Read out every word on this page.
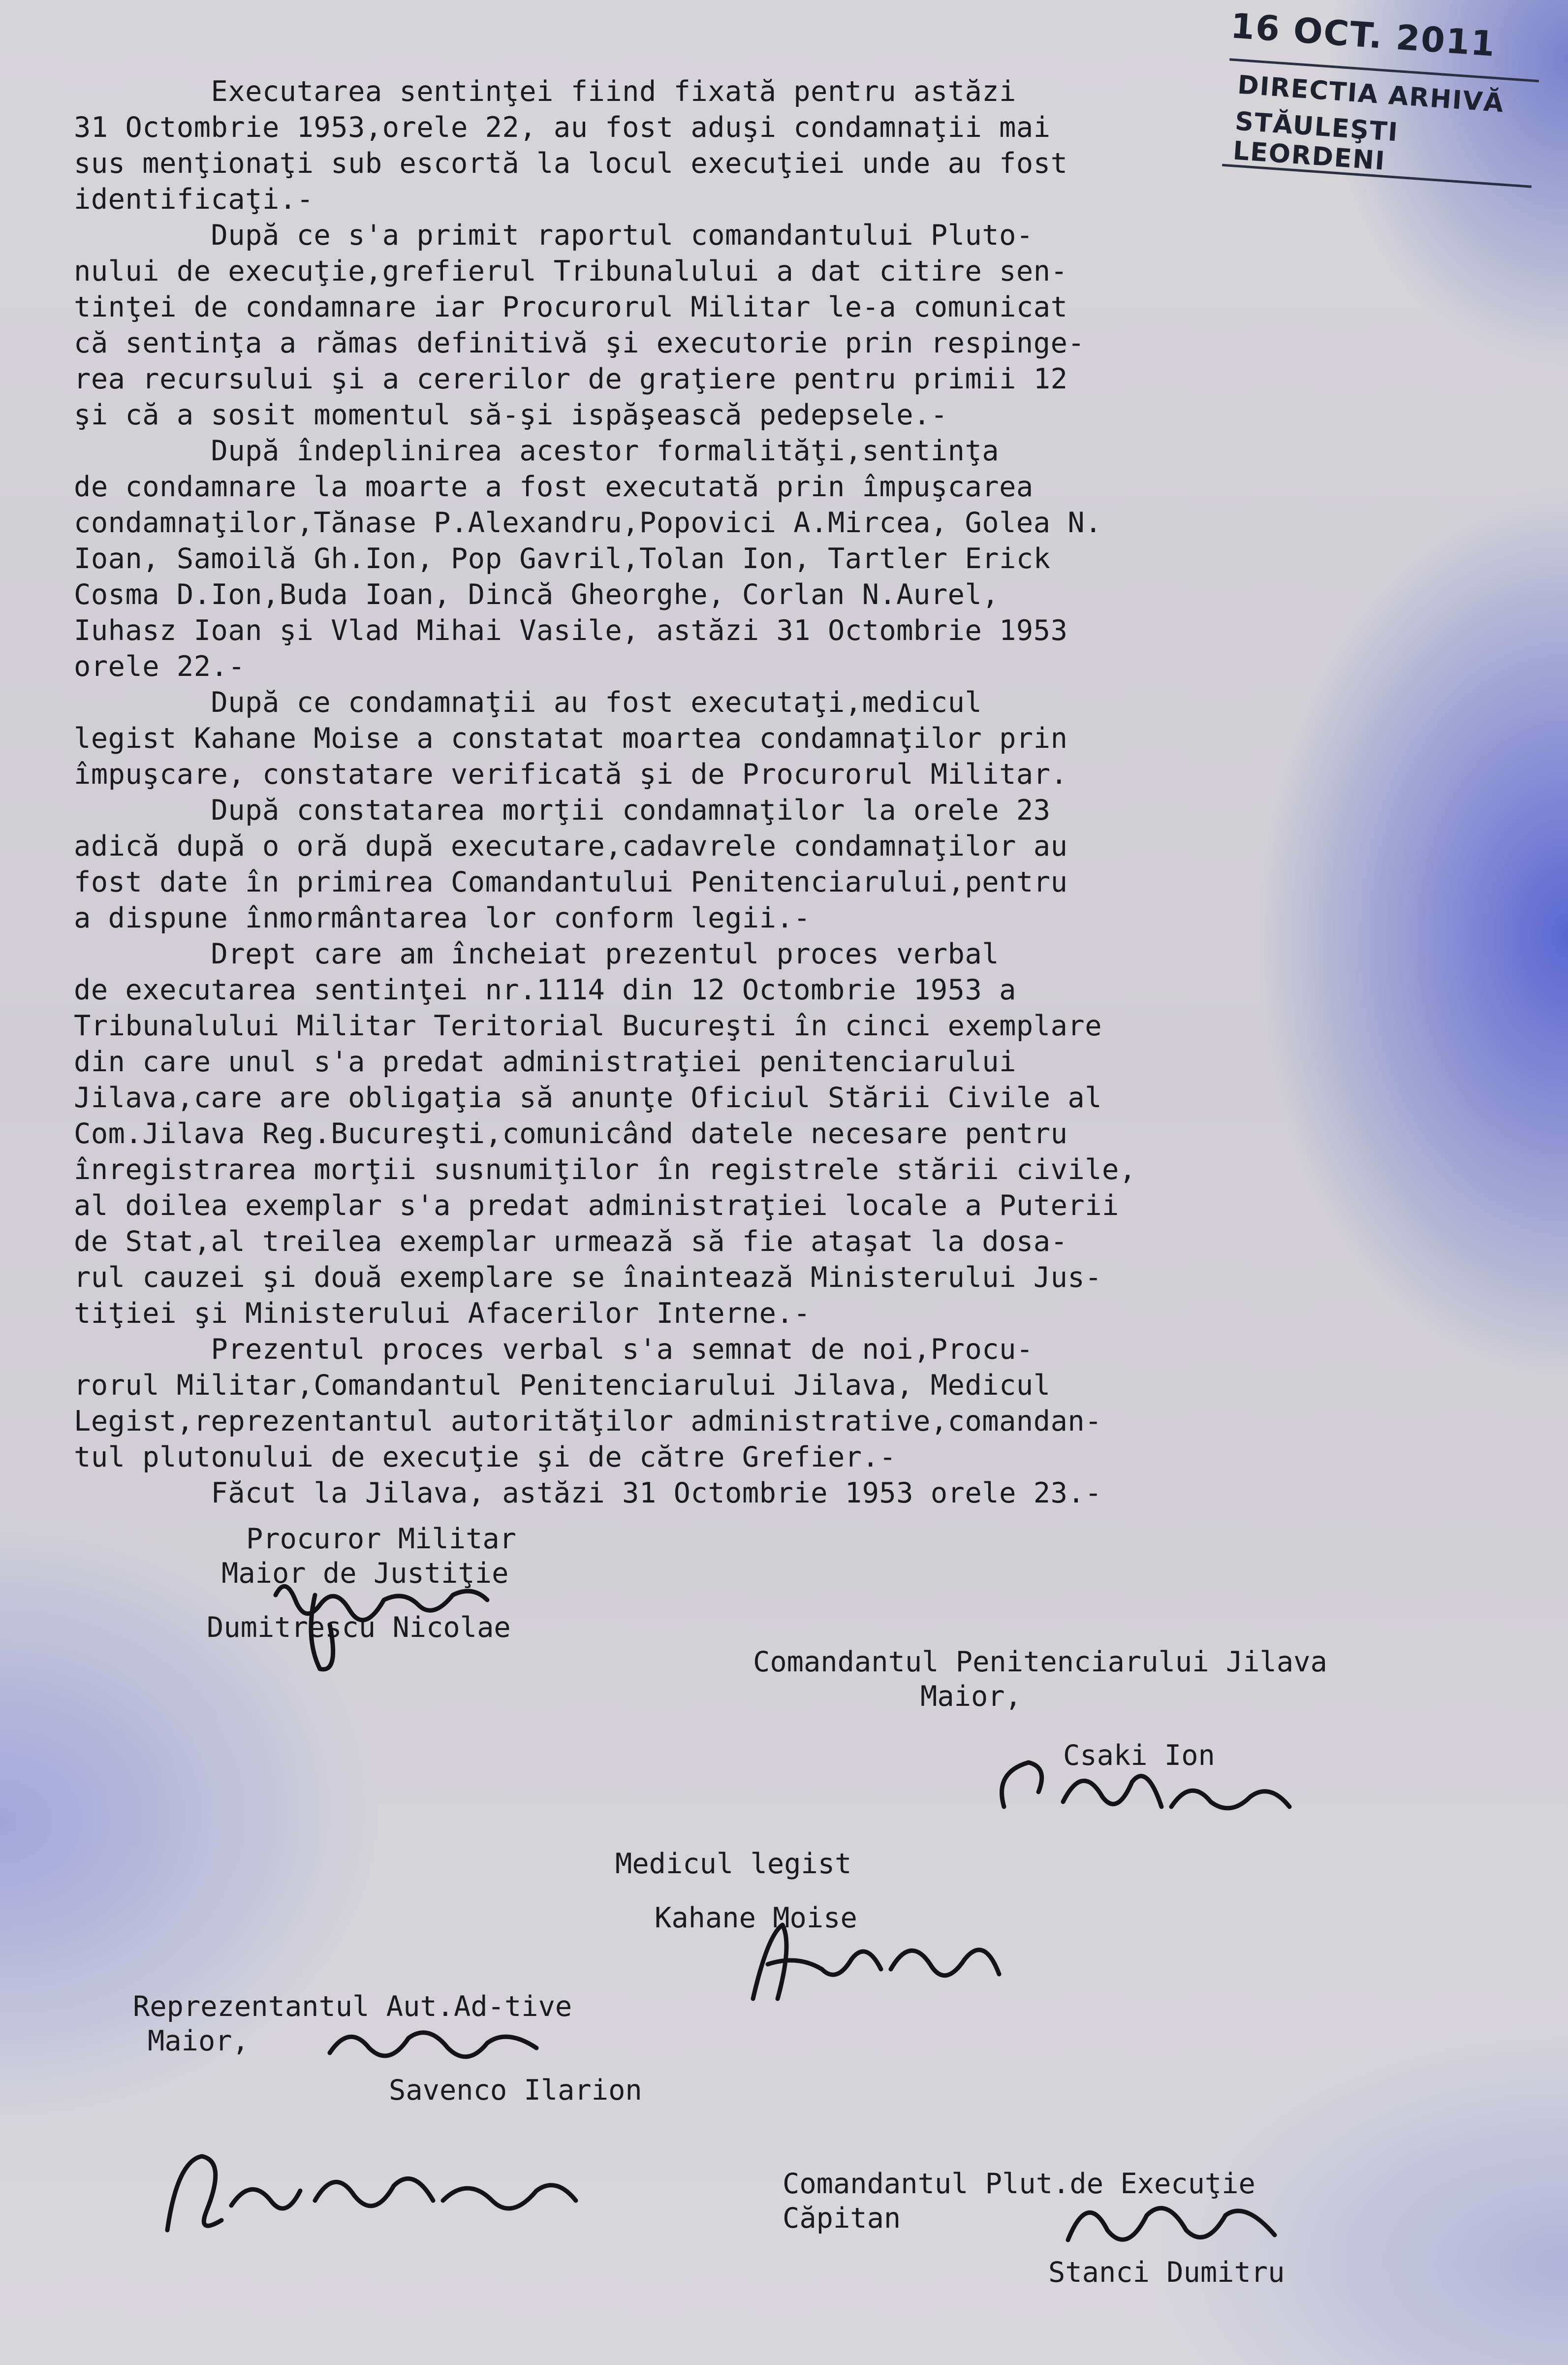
16 OCT. 2011
DIRECTIA ARHIVĂ
STĂULEŞTI LEORDENI

Executarea sentinţei fiind fixată pentru astăzi

31 Octombrie 1953,orele 22, au fost aduşi condamnaţii mai

sus menţionaţi sub escortă la locul execuţiei unde au fost

identificaţi.-

După ce s'a primit raportul comandantului Pluto-

nului de execuţie,grefierul Tribunalului a dat citire sen-

tinţei de condamnare iar Procurorul Militar le-a comunicat

că sentinţa a rămas definitivă şi executorie prin respinge-

rea recursului şi a cererilor de graţiere pentru primii 12

şi că a sosit momentul să-şi ispăşească pedepsele.-

După îndeplinirea acestor formalităţi,sentinţa

de condamnare la moarte a fost executată prin împuşcarea

condamnaţilor,Tănase P.Alexandru,Popovici A.Mircea, Golea N.

Ioan, Samoilă Gh.Ion, Pop Gavril,Tolan Ion, Tartler Erick

Cosma D.Ion,Buda Ioan, Dincă Gheorghe, Corlan N.Aurel,

Iuhasz Ioan şi Vlad Mihai Vasile, astăzi 31 Octombrie 1953

orele 22.-

După ce condamnaţii au fost executaţi,medicul

legist Kahane Moise a constatat moartea condamnaţilor prin

împuşcare, constatare verificată şi de Procurorul Militar.

După constatarea morţii condamnaţilor la orele 23

adică după o oră după executare,cadavrele condamnaţilor au

fost date în primirea Comandantului Penitenciarului,pentru

a dispune înmormântarea lor conform legii.-

Drept care am încheiat prezentul proces verbal

de executarea sentinţei nr.1114 din 12 Octombrie 1953 a

Tribunalului Militar Teritorial Bucureşti în cinci exemplare

din care unul s'a predat administraţiei penitenciarului

Jilava,care are obligaţia să anunţe Oficiul Stării Civile al

Com.Jilava Reg.Bucureşti,comunicând datele necesare pentru

înregistrarea morţii susnumiţilor în registrele stării civile,

al doilea exemplar s'a predat administraţiei locale a Puterii

de Stat,al treilea exemplar urmează să fie ataşat la dosa-

rul cauzei şi două exemplare se înaintează Ministerului Jus-

tiţiei şi Ministerului Afacerilor Interne.-

Prezentul proces verbal s'a semnat de noi,Procu-

rorul Militar,Comandantul Penitenciarului Jilava, Medicul

Legist,reprezentantul autorităţilor administrative,comandan-

tul plutonului de execuţie şi de către Grefier.-

Făcut la Jilava, astăzi 31 Octombrie 1953 orele 23.-

Procuror Militar
Maior de Justiţie
Dumitrescu Nicolae
Comandantul Penitenciarului Jilava
Maior,
Csaki Ion
Medicul legist
Kahane Moise
Reprezentantul Aut.Ad-tive
Maior,
Savenco Ilarion
Comandantul Plut.de Execuţie
Căpitan
Stanci Dumitru
